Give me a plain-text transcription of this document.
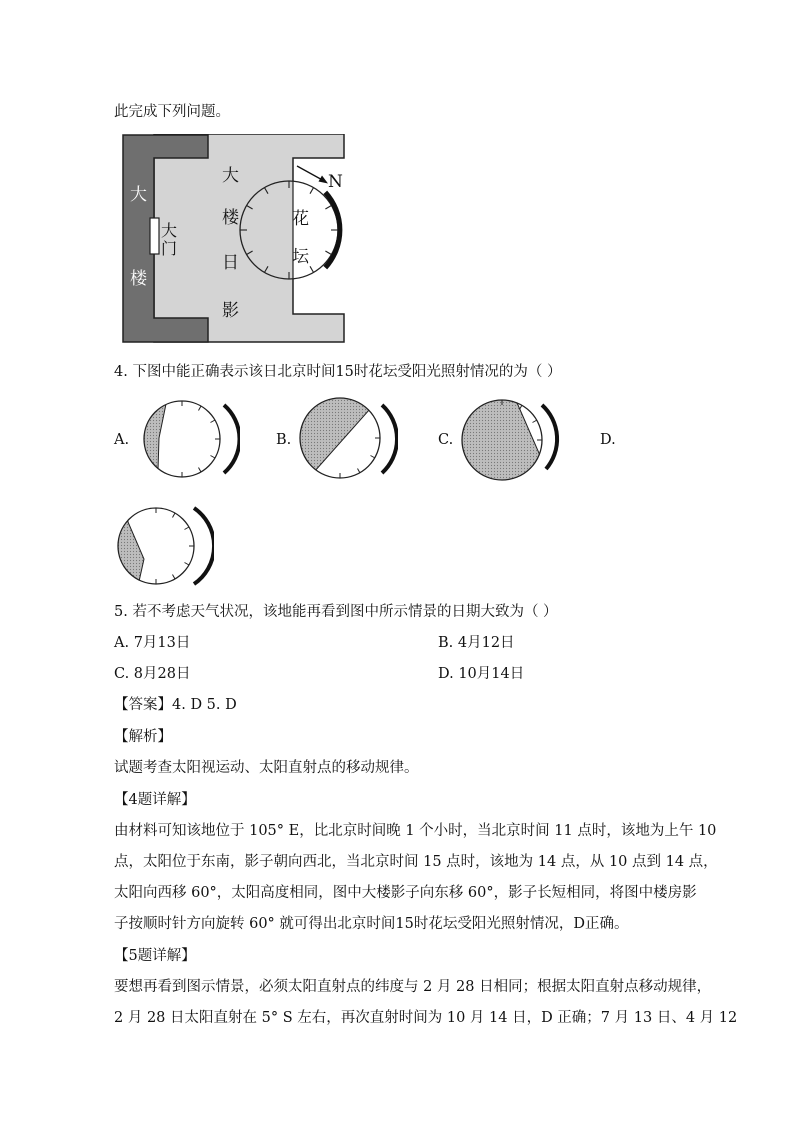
此完成下列问题。
N
大
楼
大
门
大
楼
日
影
花
坛
4. 下图中能正确表示该日北京时间15时花坛受阳光照射情况的为（ ）
A.	B.	C.	D.
5. 若不考虑天气状况，该地能再看到图中所示情景的日期大致为（ ）
A. 7月13日	B. 4月12日
C. 8月28日	D. 10月14日
【答案】4. D 5. D
【解析】
试题考查太阳视运动、太阳直射点的移动规律。
【4题详解】
由材料可知该地位于 105° E，比北京时间晚 1 个小时，当北京时间 11 点时，该地为上午 10
点，太阳位于东南，影子朝向西北，当北京时间 15 点时，该地为 14 点，从 10 点到 14 点，
太阳向西移 60°，太阳高度相同，图中大楼影子向东移 60°，影子长短相同，将图中楼房影
子按顺时针方向旋转 60° 就可得出北京时间15时花坛受阳光照射情况，D正确。
【5题详解】
要想再看到图示情景，必须太阳直射点的纬度与 2 月 28 日相同；根据太阳直射点移动规律，
2 月 28 日太阳直射在 5° S 左右，再次直射时间为 10 月 14 日，D 正确；7 月 13 日、4 月 12
